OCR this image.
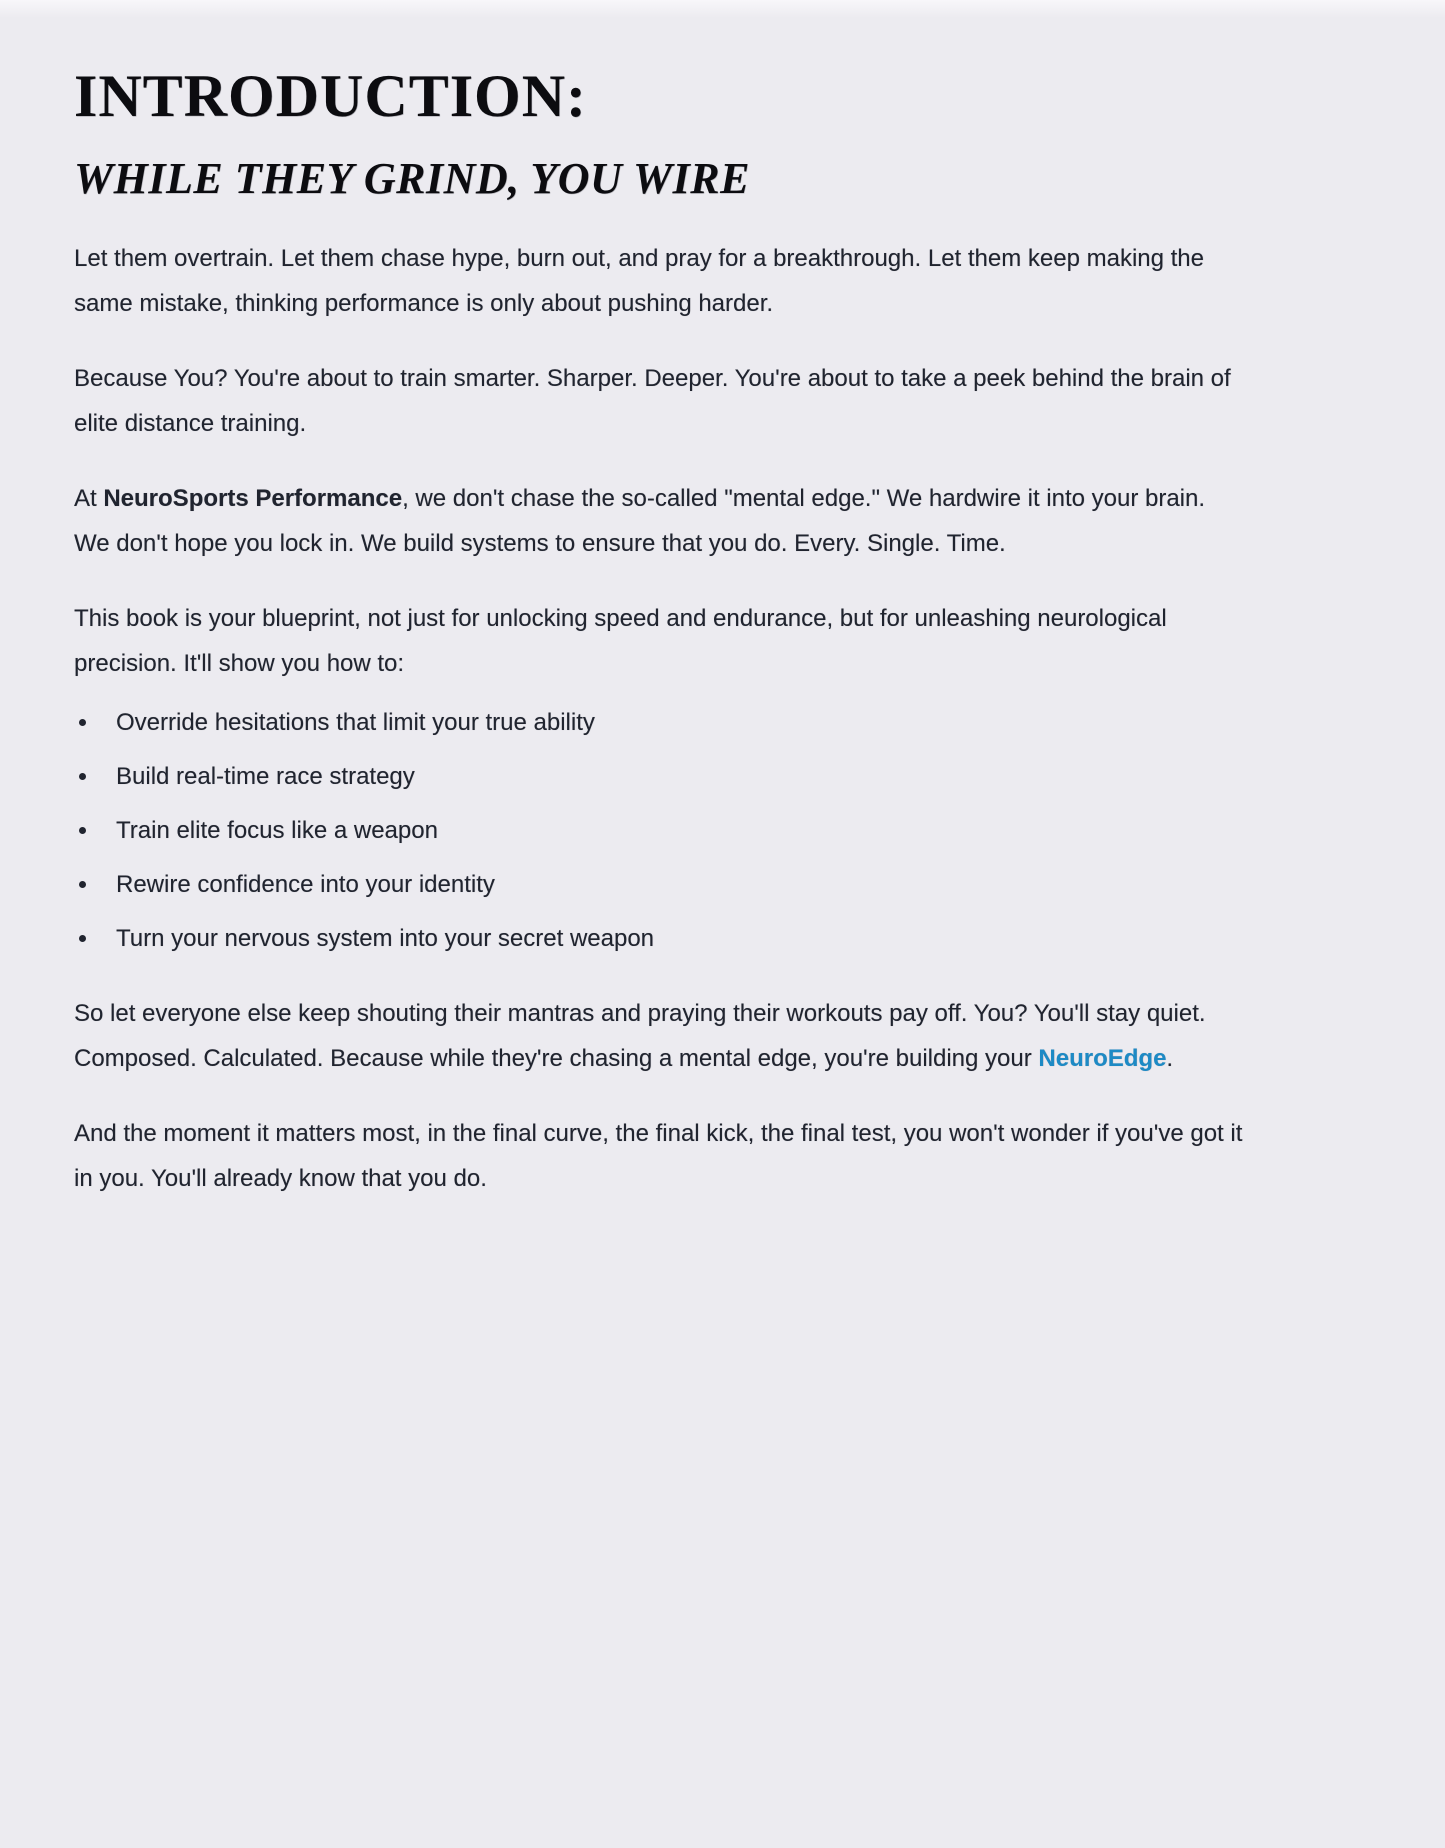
INTRODUCTION:
WHILE THEY GRIND, YOU WIRE

Let them overtrain. Let them chase hype, burn out, and pray for a breakthrough. Let them keep making the same mistake, thinking performance is only about pushing harder.

Because You? You're about to train smarter. Sharper. Deeper. You're about to take a peek behind the brain of elite distance training.

At NeuroSports Performance, we don't chase the so-called "mental edge." We hardwire it into your brain. We don't hope you lock in. We build systems to ensure that you do. Every. Single. Time.

This book is your blueprint, not just for unlocking speed and endurance, but for unleashing neurological precision. It'll show you how to:

• Override hesitations that limit your true ability
• Build real-time race strategy
• Train elite focus like a weapon
• Rewire confidence into your identity
• Turn your nervous system into your secret weapon

So let everyone else keep shouting their mantras and praying their workouts pay off. You? You'll stay quiet. Composed. Calculated. Because while they're chasing a mental edge, you're building your NeuroEdge.

And the moment it matters most, in the final curve, the final kick, the final test, you won't wonder if you've got it in you. You'll already know that you do.
